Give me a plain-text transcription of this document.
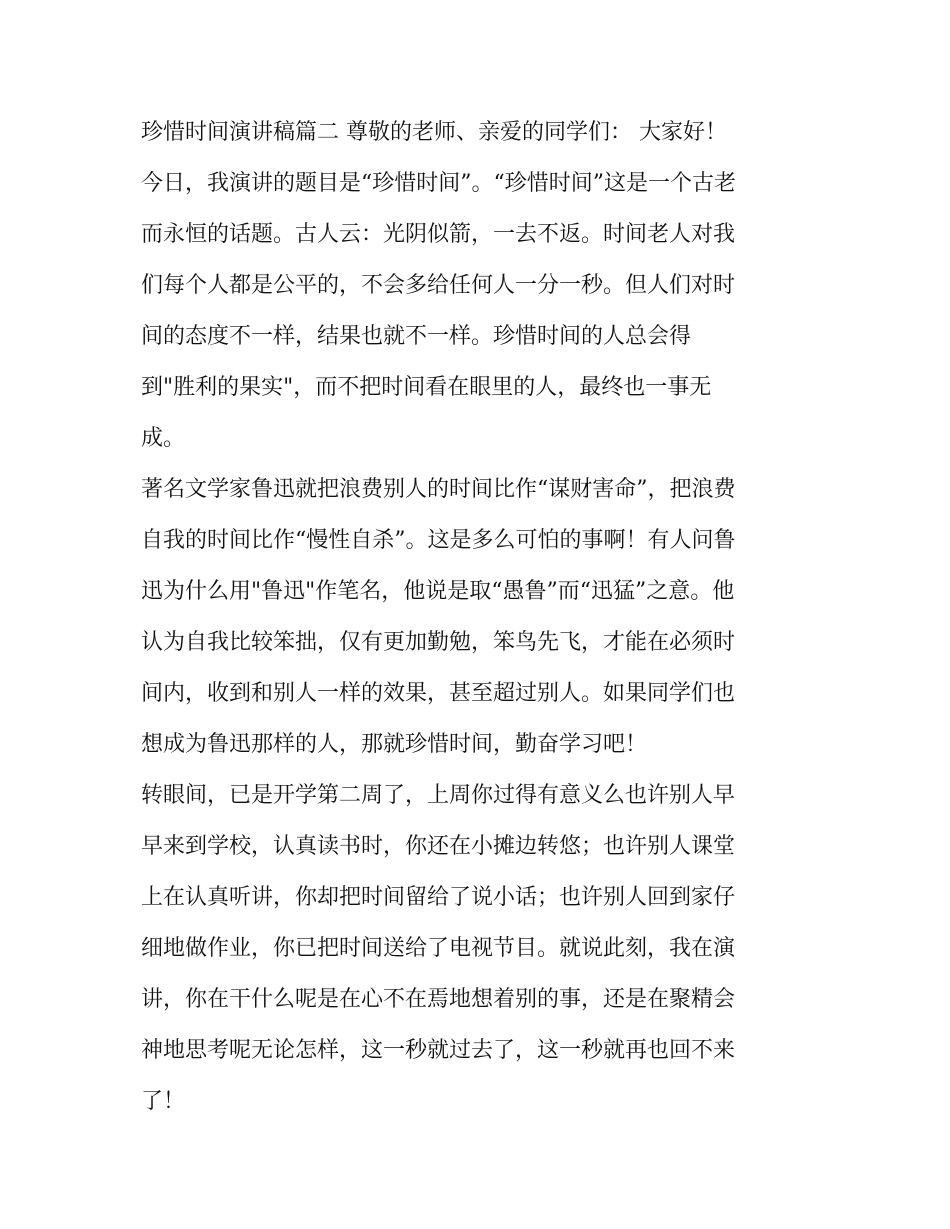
珍惜时间演讲稿篇二 尊敬的老师、亲爱的同学们： 大家好！
今日，我演讲的题目是“珍惜时间”。“珍惜时间”这是一个古老
而永恒的话题。古人云：光阴似箭，一去不返。时间老人对我
们每个人都是公平的，不会多给任何人一分一秒。但人们对时
间的态度不一样，结果也就不一样。珍惜时间的人总会得
到"胜利的果实"，而不把时间看在眼里的人，最终也一事无
成。
著名文学家鲁迅就把浪费别人的时间比作“谋财害命”，把浪费
自我的时间比作“慢性自杀”。这是多么可怕的事啊！有人问鲁
迅为什么用"鲁迅"作笔名，他说是取“愚鲁”而“迅猛”之意。他
认为自我比较笨拙，仅有更加勤勉，笨鸟先飞，才能在必须时
间内，收到和别人一样的效果，甚至超过别人。如果同学们也
想成为鲁迅那样的人，那就珍惜时间，勤奋学习吧！
转眼间，已是开学第二周了，上周你过得有意义么也许别人早
早来到学校，认真读书时，你还在小摊边转悠；也许别人课堂
上在认真听讲，你却把时间留给了说小话；也许别人回到家仔
细地做作业，你已把时间送给了电视节目。就说此刻，我在演
讲，你在干什么呢是在心不在焉地想着别的事，还是在聚精会
神地思考呢无论怎样，这一秒就过去了，这一秒就再也回不来
了！
